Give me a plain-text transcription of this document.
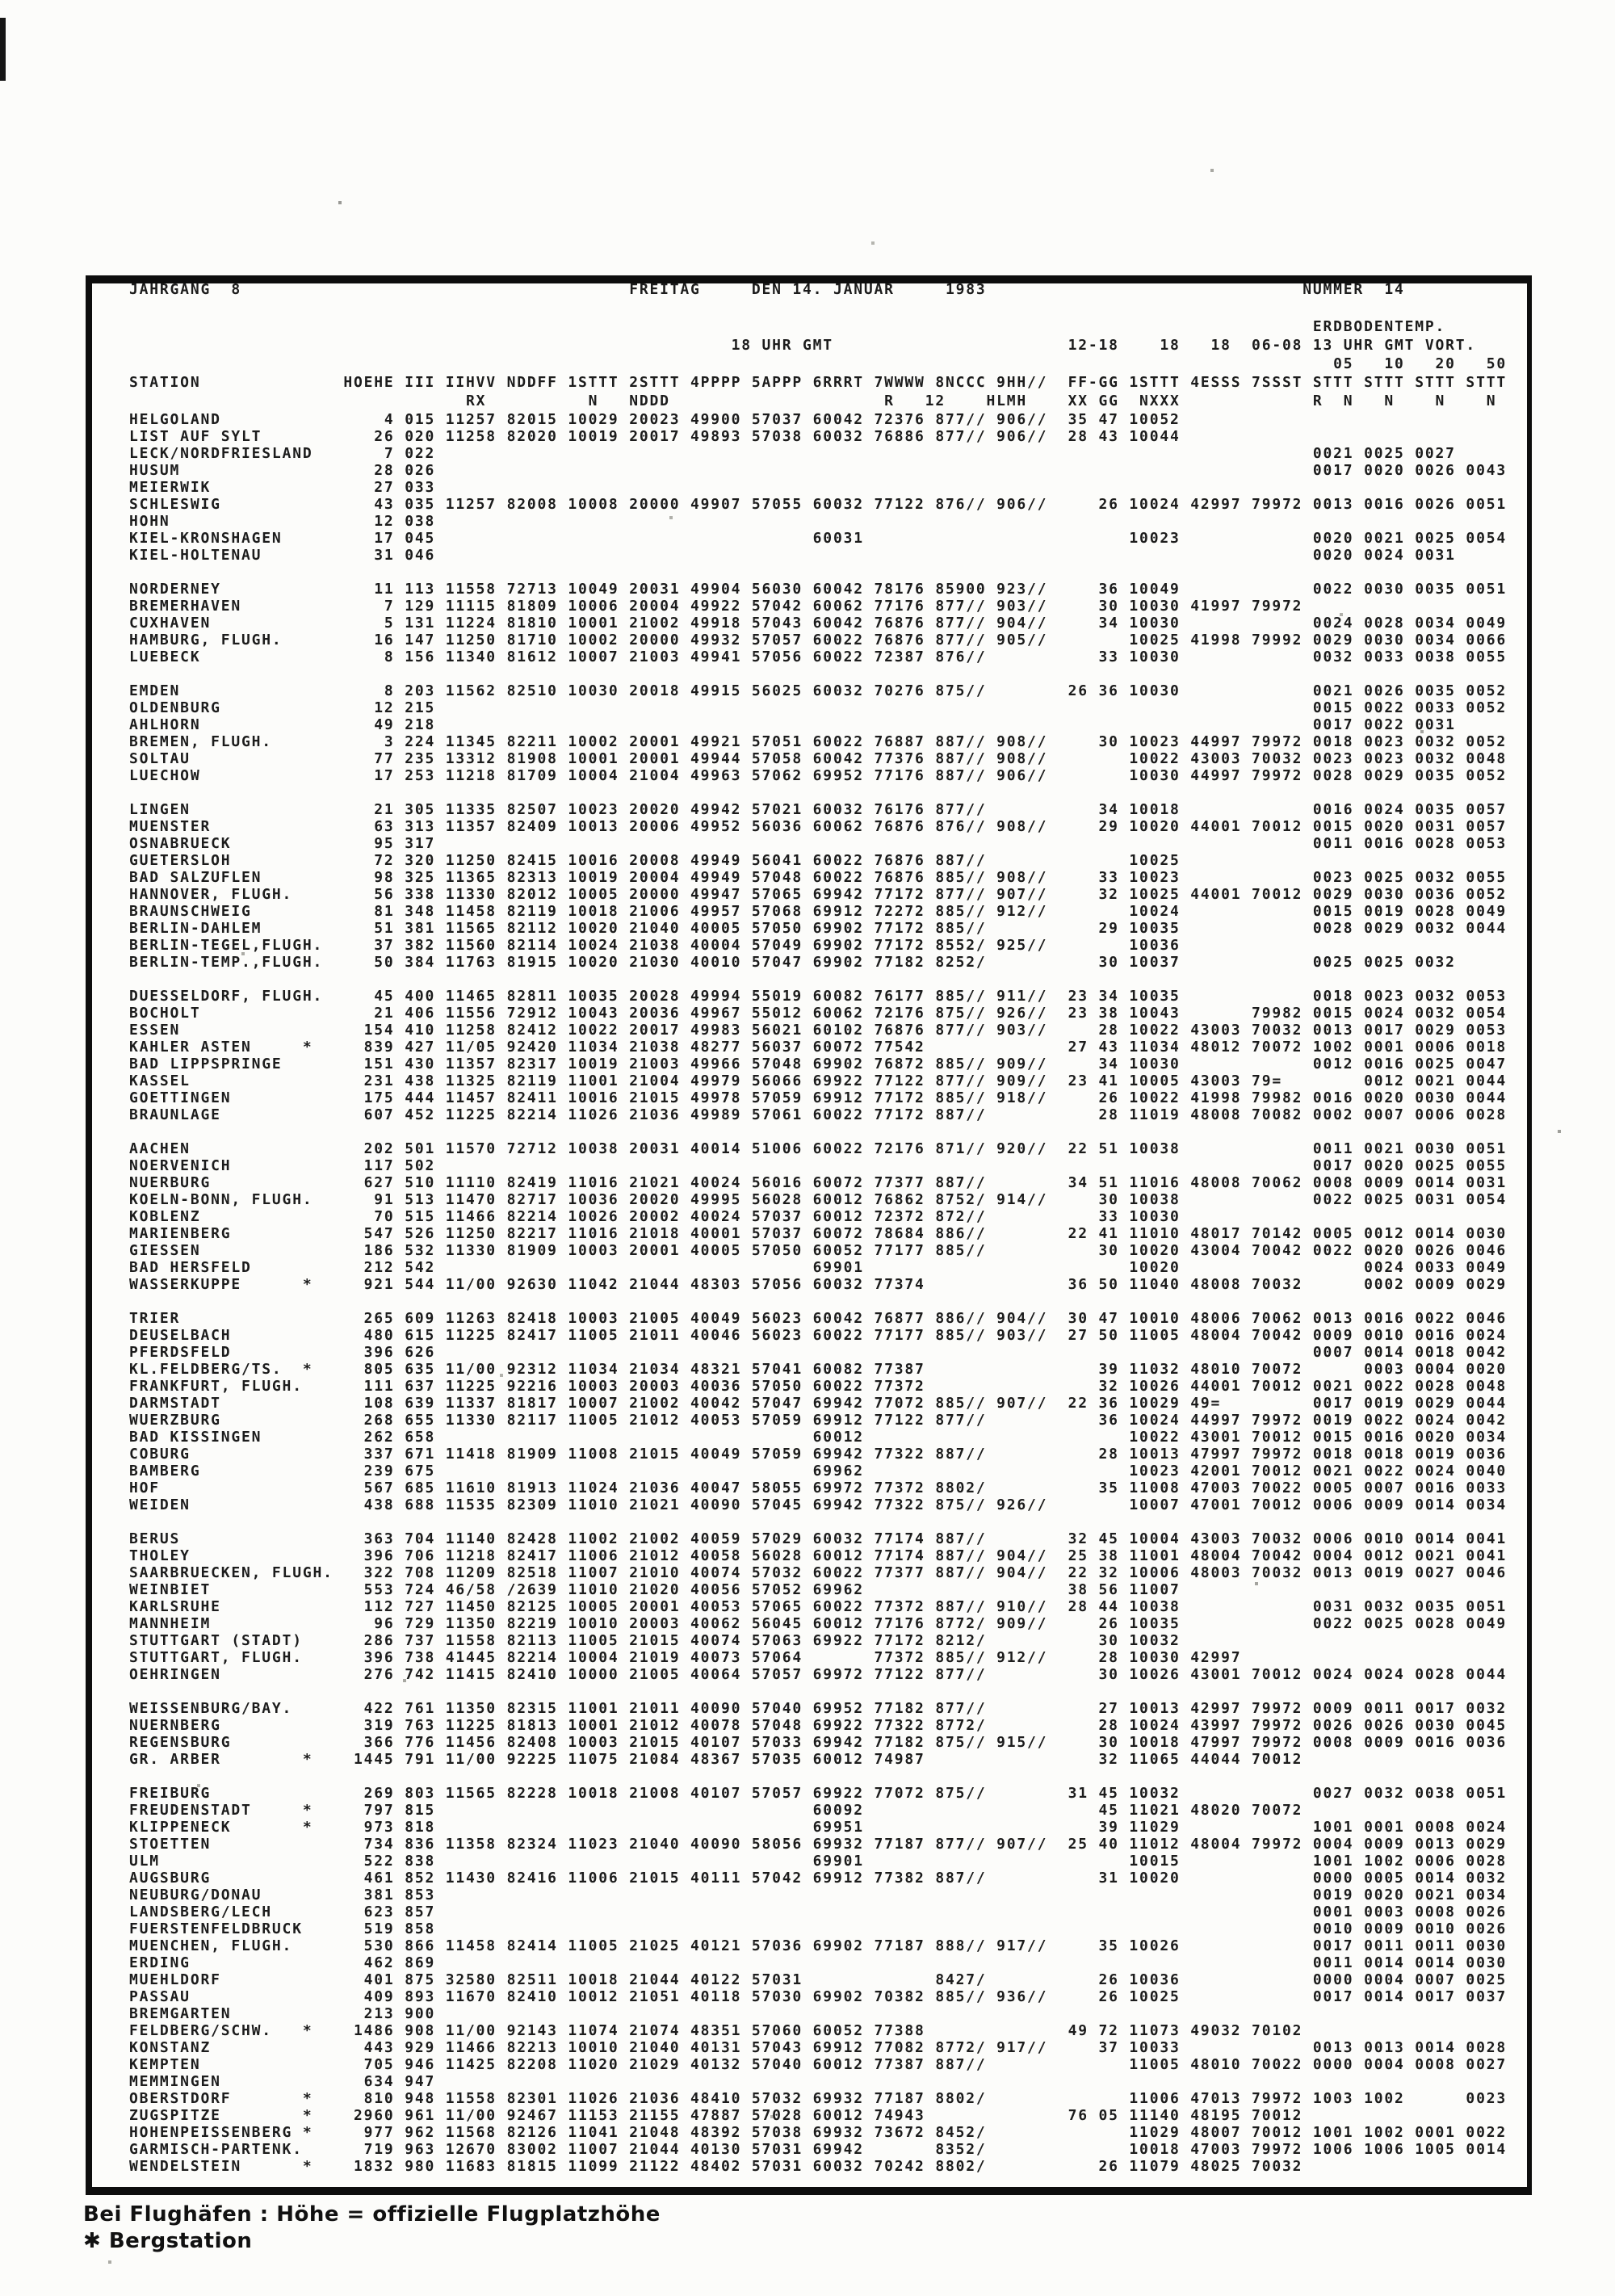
JAHRGANG  8                                      FREITAG     DEN 14. JANUAR     1983                               NUMMER  14
ERDBODENTEMP.
18 UHR GMT                       12-18    18   18  06-08 13 UHR GMT VORT.
05   10   20   50
STATION              HOEHE III IIHVV NDDFF 1STTT 2STTT 4PPPP 5APPP 6RRRT 7WWWW 8NCCC 9HH//  FF-GG 1STTT 4ESSS 7SSST STTT STTT STTT STTT
RX          N   NDDD                     R   12    HLMH    XX GG  NXXX             R  N   N    N    N
HELGOLAND                4 015 11257 82015 10029 20023 49900 57037 60042 72376 877// 906//  35 47 10052
LIST AUF SYLT           26 020 11258 82020 10019 20017 49893 57038 60032 76886 877// 906//  28 43 10044
LECK/NORDFRIESLAND       7 022                                                                                      0021 0025 0027
HUSUM                   28 026                                                                                      0017 0020 0026 0043
MEIERWIK                27 033
SCHLESWIG               43 035 11257 82008 10008 20000 49907 57055 60032 77122 876// 906//     26 10024 42997 79972 0013 0016 0026 0051
HOHN                    12 038
KIEL-KRONSHAGEN         17 045                                     60031                          10023             0020 0021 0025 0054
KIEL-HOLTENAU           31 046                                                                                      0020 0024 0031
NORDERNEY               11 113 11558 72713 10049 20031 49904 56030 60042 78176 85900 923//     36 10049             0022 0030 0035 0051
BREMERHAVEN              7 129 11115 81809 10006 20004 49922 57042 60062 77176 877// 903//     30 10030 41997 79972
CUXHAVEN                 5 131 11224 81810 10001 21002 49918 57043 60042 76876 877// 904//     34 10030             0024 0028 0034 0049
HAMBURG, FLUGH.         16 147 11250 81710 10002 20000 49932 57057 60022 76876 877// 905//        10025 41998 79992 0029 0030 0034 0066
LUEBECK                  8 156 11340 81612 10007 21003 49941 57056 60022 72387 876//           33 10030             0032 0033 0038 0055
EMDEN                    8 203 11562 82510 10030 20018 49915 56025 60032 70276 875//        26 36 10030             0021 0026 0035 0052
OLDENBURG               12 215                                                                                      0015 0022 0033 0052
AHLHORN                 49 218                                                                                      0017 0022 0031
BREMEN, FLUGH.           3 224 11345 82211 10002 20001 49921 57051 60022 76887 887// 908//     30 10023 44997 79972 0018 0023 0032 0052
SOLTAU                  77 235 13312 81908 10001 20001 49944 57058 60042 77376 887// 908//        10022 43003 70032 0023 0023 0032 0048
LUECHOW                 17 253 11218 81709 10004 21004 49963 57062 69952 77176 887// 906//        10030 44997 79972 0028 0029 0035 0052
LINGEN                  21 305 11335 82507 10023 20020 49942 57021 60032 76176 877//           34 10018             0016 0024 0035 0057
MUENSTER                63 313 11357 82409 10013 20006 49952 56036 60062 76876 876// 908//     29 10020 44001 70012 0015 0020 0031 0057
OSNABRUECK              95 317                                                                                      0011 0016 0028 0053
GUETERSLOH              72 320 11250 82415 10016 20008 49949 56041 60022 76876 887//              10025
BAD SALZUFLEN           98 325 11365 82313 10019 20004 49949 57048 60022 76876 885// 908//     33 10023             0023 0025 0032 0055
HANNOVER, FLUGH.        56 338 11330 82012 10005 20000 49947 57065 69942 77172 877// 907//     32 10025 44001 70012 0029 0030 0036 0052
BRAUNSCHWEIG            81 348 11458 82119 10018 21006 49957 57068 69912 72272 885// 912//        10024             0015 0019 0028 0049
BERLIN-DAHLEM           51 381 11565 82112 10020 21040 40005 57050 69902 77172 885//           29 10035             0028 0029 0032 0044
BERLIN-TEGEL,FLUGH.     37 382 11560 82114 10024 21038 40004 57049 69902 77172 8552/ 925//        10036
BERLIN-TEMP.,FLUGH.     50 384 11763 81915 10020 21030 40010 57047 69902 77182 8252/           30 10037             0025 0025 0032
DUESSELDORF, FLUGH.     45 400 11465 82811 10035 20028 49994 55019 60082 76177 885// 911//  23 34 10035             0018 0023 0032 0053
BOCHOLT                 21 406 11556 72912 10043 20036 49967 55012 60062 72176 875// 926//  23 38 10043       79982 0015 0024 0032 0054
ESSEN                  154 410 11258 82412 10022 20017 49983 56021 60102 76876 877// 903//     28 10022 43003 70032 0013 0017 0029 0053
KAHLER ASTEN     *     839 427 11/05 92420 11034 21038 48277 56037 60072 77542              27 43 11034 48012 70072 1002 0001 0006 0018
BAD LIPPSPRINGE        151 430 11357 82317 10019 21003 49966 57048 69902 76872 885// 909//     34 10030             0012 0016 0025 0047
KASSEL                 231 438 11325 82119 11001 21004 49979 56066 69922 77122 877// 909//  23 41 10005 43003 79=        0012 0021 0044
GOETTINGEN             175 444 11457 82411 10016 21015 49978 57059 69912 77172 885// 918//     26 10022 41998 79982 0016 0020 0030 0044
BRAUNLAGE              607 452 11225 82214 11026 21036 49989 57061 60022 77172 887//           28 11019 48008 70082 0002 0007 0006 0028
AACHEN                 202 501 11570 72712 10038 20031 40014 51006 60022 72176 871// 920//  22 51 10038             0011 0021 0030 0051
NOERVENICH             117 502                                                                                      0017 0020 0025 0055
NUERBURG               627 510 11110 82419 11016 21021 40024 56016 60072 77377 887//        34 51 11016 48008 70062 0008 0009 0014 0031
KOELN-BONN, FLUGH.      91 513 11470 82717 10036 20020 49995 56028 60012 76862 8752/ 914//     30 10038             0022 0025 0031 0054
KOBLENZ                 70 515 11466 82214 10026 20002 40024 57037 60012 72372 872//           33 10030
MARIENBERG             547 526 11250 82217 11016 21018 40001 57037 60072 78684 886//        22 41 11010 48017 70142 0005 0012 0014 0030
GIESSEN                186 532 11330 81909 10003 20001 40005 57050 60052 77177 885//           30 10020 43004 70042 0022 0020 0026 0046
BAD HERSFELD           212 542                                     69901                          10020                  0024 0033 0049
WASSERKUPPE      *     921 544 11/00 92630 11042 21044 48303 57056 60032 77374              36 50 11040 48008 70032      0002 0009 0029
TRIER                  265 609 11263 82418 10003 21005 40049 56023 60042 76877 886// 904//  30 47 10010 48006 70062 0013 0016 0022 0046
DEUSELBACH             480 615 11225 82417 11005 21011 40046 56023 60022 77177 885// 903//  27 50 11005 48004 70042 0009 0010 0016 0024
PFERDSFELD             396 626                                                                                      0007 0014 0018 0042
KL.FELDBERG/TS.  *     805 635 11/00 92312 11034 21034 48321 57041 60082 77387                 39 11032 48010 70072      0003 0004 0020
FRANKFURT, FLUGH.      111 637 11225 92216 10003 20003 40036 57050 60022 77372                 32 10026 44001 70012 0021 0022 0028 0048
DARMSTADT              108 639 11337 81817 10007 21002 40042 57047 69942 77072 885// 907//  22 36 10029 49=         0017 0019 0029 0044
WUERZBURG              268 655 11330 82117 11005 21012 40053 57059 69912 77122 877//           36 10024 44997 79972 0019 0022 0024 0042
BAD KISSINGEN          262 658                                     60012                          10022 43001 70012 0015 0016 0020 0034
COBURG                 337 671 11418 81909 11008 21015 40049 57059 69942 77322 887//           28 10013 47997 79972 0018 0018 0019 0036
BAMBERG                239 675                                     69962                          10023 42001 70012 0021 0022 0024 0040
HOF                    567 685 11610 81913 11024 21036 40047 58055 69972 77372 8802/           35 11008 47003 70022 0005 0007 0016 0033
WEIDEN                 438 688 11535 82309 11010 21021 40090 57045 69942 77322 875// 926//        10007 47001 70012 0006 0009 0014 0034
BERUS                  363 704 11140 82428 11002 21002 40059 57029 60032 77174 887//        32 45 10004 43003 70032 0006 0010 0014 0041
THOLEY                 396 706 11218 82417 11006 21012 40058 56028 60012 77174 887// 904//  25 38 11001 48004 70042 0004 0012 0021 0041
SAARBRUECKEN, FLUGH.   322 708 11209 82518 11007 21010 40074 57032 60022 77377 887// 904//  22 32 10006 48003 70032 0013 0019 0027 0046
WEINBIET               553 724 46/58 /2639 11010 21020 40056 57052 69962                    38 56 11007
KARLSRUHE              112 727 11450 82125 10005 20001 40053 57065 60022 77372 887// 910//  28 44 10038             0031 0032 0035 0051
MANNHEIM                96 729 11350 82219 10010 20003 40062 56045 60012 77176 8772/ 909//     26 10035             0022 0025 0028 0049
STUTTGART (STADT)      286 737 11558 82113 11005 21015 40074 57063 69922 77172 8212/           30 10032
STUTTGART, FLUGH.      396 738 41445 82214 10004 21019 40073 57064       77372 885// 912//     28 10030 42997
OEHRINGEN              276 742 11415 82410 10000 21005 40064 57057 69972 77122 877//           30 10026 43001 70012 0024 0024 0028 0044
WEISSENBURG/BAY.       422 761 11350 82315 11001 21011 40090 57040 69952 77182 877//           27 10013 42997 79972 0009 0011 0017 0032
NUERNBERG              319 763 11225 81813 10001 21012 40078 57048 69922 77322 8772/           28 10024 43997 79972 0026 0026 0030 0045
REGENSBURG             366 776 11456 82408 10003 21015 40107 57033 69942 77182 875// 915//     30 10018 47997 79972 0008 0009 0016 0036
GR. ARBER        *    1445 791 11/00 92225 11075 21084 48367 57035 60012 74987                 32 11065 44044 70012
FREIBURG               269 803 11565 82228 10018 21008 40107 57057 69922 77072 875//        31 45 10032             0027 0032 0038 0051
FREUDENSTADT     *     797 815                                     60092                       45 11021 48020 70072
KLIPPENECK       *     973 818                                     69951                       39 11029             1001 0001 0008 0024
STOETTEN               734 836 11358 82324 11023 21040 40090 58056 69932 77187 877// 907//  25 40 11012 48004 79972 0004 0009 0013 0029
ULM                    522 838                                     69901                          10015             1001 1002 0006 0028
AUGSBURG               461 852 11430 82416 11006 21015 40111 57042 69912 77382 887//           31 10020             0000 0005 0014 0032
NEUBURG/DONAU          381 853                                                                                      0019 0020 0021 0034
LANDSBERG/LECH         623 857                                                                                      0001 0003 0008 0026
FUERSTENFELDBRUCK      519 858                                                                                      0010 0009 0010 0026
MUENCHEN, FLUGH.       530 866 11458 82414 11005 21025 40121 57036 69902 77187 888// 917//     35 10026             0017 0011 0011 0030
ERDING                 462 869                                                                                      0011 0014 0014 0030
MUEHLDORF              401 875 32580 82511 10018 21044 40122 57031             8427/           26 10036             0000 0004 0007 0025
PASSAU                 409 893 11670 82410 10012 21051 40118 57030 69902 70382 885// 936//     26 10025             0017 0014 0017 0037
BREMGARTEN             213 900
FELDBERG/SCHW.   *    1486 908 11/00 92143 11074 21074 48351 57060 60052 77388              49 72 11073 49032 70102
KONSTANZ               443 929 11466 82213 10010 21040 40131 57043 69912 77082 8772/ 917//     37 10033             0013 0013 0014 0028
KEMPTEN                705 946 11425 82208 11020 21029 40132 57040 60012 77387 887//              11005 48010 70022 0000 0004 0008 0027
MEMMINGEN              634 947
OBERSTDORF       *     810 948 11558 82301 11026 21036 48410 57032 69932 77187 8802/              11006 47013 79972 1003 1002      0023
ZUGSPITZE        *    2960 961 11/00 92467 11153 21155 47887 57028 60012 74943              76 05 11140 48195 70012
HOHENPEISSENBERG *     977 962 11568 82126 11041 21048 48392 57038 69932 73672 8452/              11029 48007 70012 1001 1002 0001 0022
GARMISCH-PARTENK.      719 963 12670 83002 11007 21044 40130 57031 69942       8352/              10018 47003 79972 1006 1006 1005 0014
WENDELSTEIN      *    1832 980 11683 81815 11099 21122 48402 57031 60032 70242 8802/           26 11079 48025 70032
Bei Flughäfen : Höhe = offizielle Flugplatzhöhe
✱ Bergstation
